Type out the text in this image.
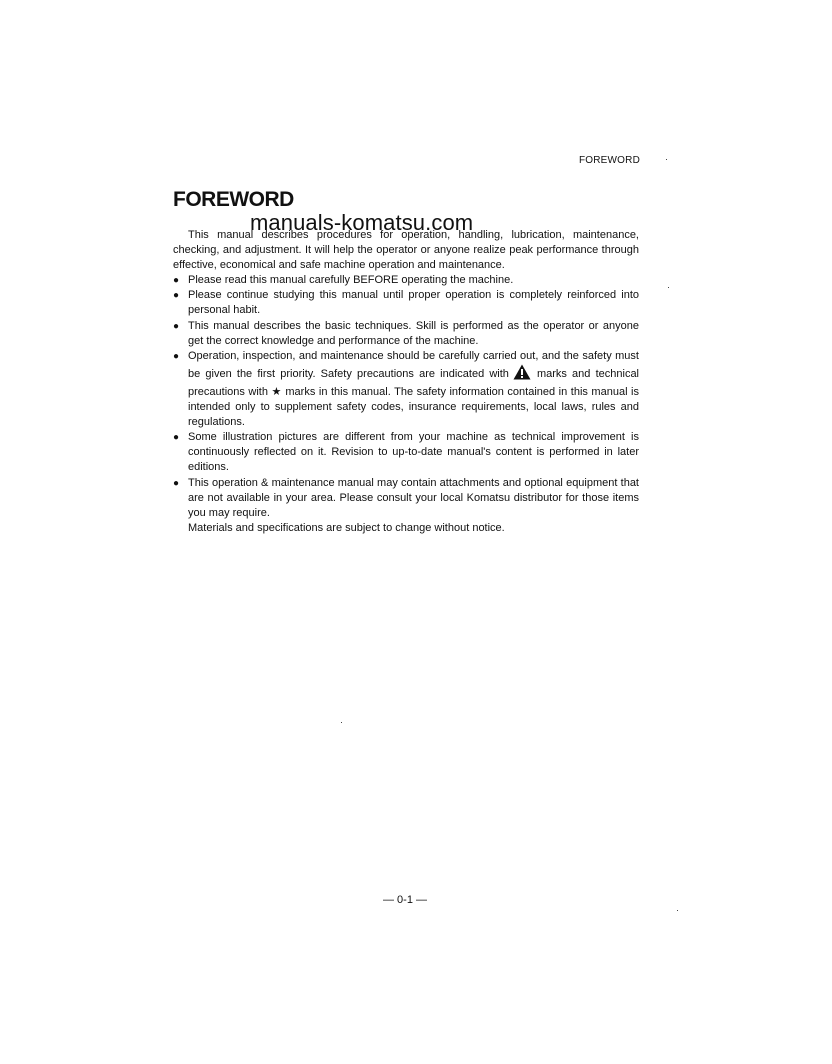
FOREWORD
FOREWORD
manuals-komatsu.com

This manual describes procedures for operation, handling, lubrication, maintenance, checking, and adjustment. It will help the operator or anyone realize peak performance through effective, economical and safe machine operation and maintenance.

● Please read this manual carefully BEFORE operating the machine.
● Please continue studying this manual until proper operation is completely reinforced into personal habit.
● This manual describes the basic techniques. Skill is performed as the operator or anyone get the correct knowledge and performance of the machine.
● Operation, inspection, and maintenance should be carefully carried out, and the safety must be given the first priority. Safety precautions are indicated with	marks and technical precautions with ★ marks in this manual. The safety information contained in this manual is intended only to supplement safety codes, insurance requirements, local laws, rules and regulations.
● Some illustration pictures are different from your machine as technical improvement is continuously reflected on it. Revision to up-to-date manual's content is performed in later editions.
● This operation & maintenance manual may contain attachments and optional equipment that are not available in your area. Please consult your local Komatsu distributor for those items you may require.

Materials and specifications are subject to change without notice.

— 0-1 —
